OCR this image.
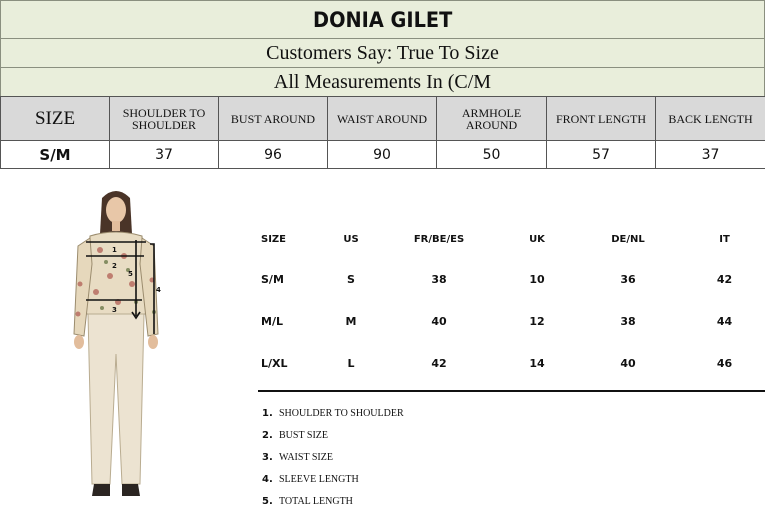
DONIA GILET
Customers Say: True To Size
All Measurements In (C/M
SIZE	SHOULDER TO SHOULDER	BUST AROUND	WAIST AROUND	ARMHOLE AROUND	FRONT LENGTH	BACK LENGTH
S/M	37	96	90	50	57	37
1
2
3
4
5
SIZE	US	FR/BE/ES	UK	DE/NL	IT
S/M	S	38	10	36	42
M/L	M	40	12	38	44
L/XL	L	42	14	40	46
1. SHOULDER TO SHOULDER
2. BUST SIZE
3. WAIST SIZE
4. SLEEVE LENGTH
5. TOTAL LENGTH
